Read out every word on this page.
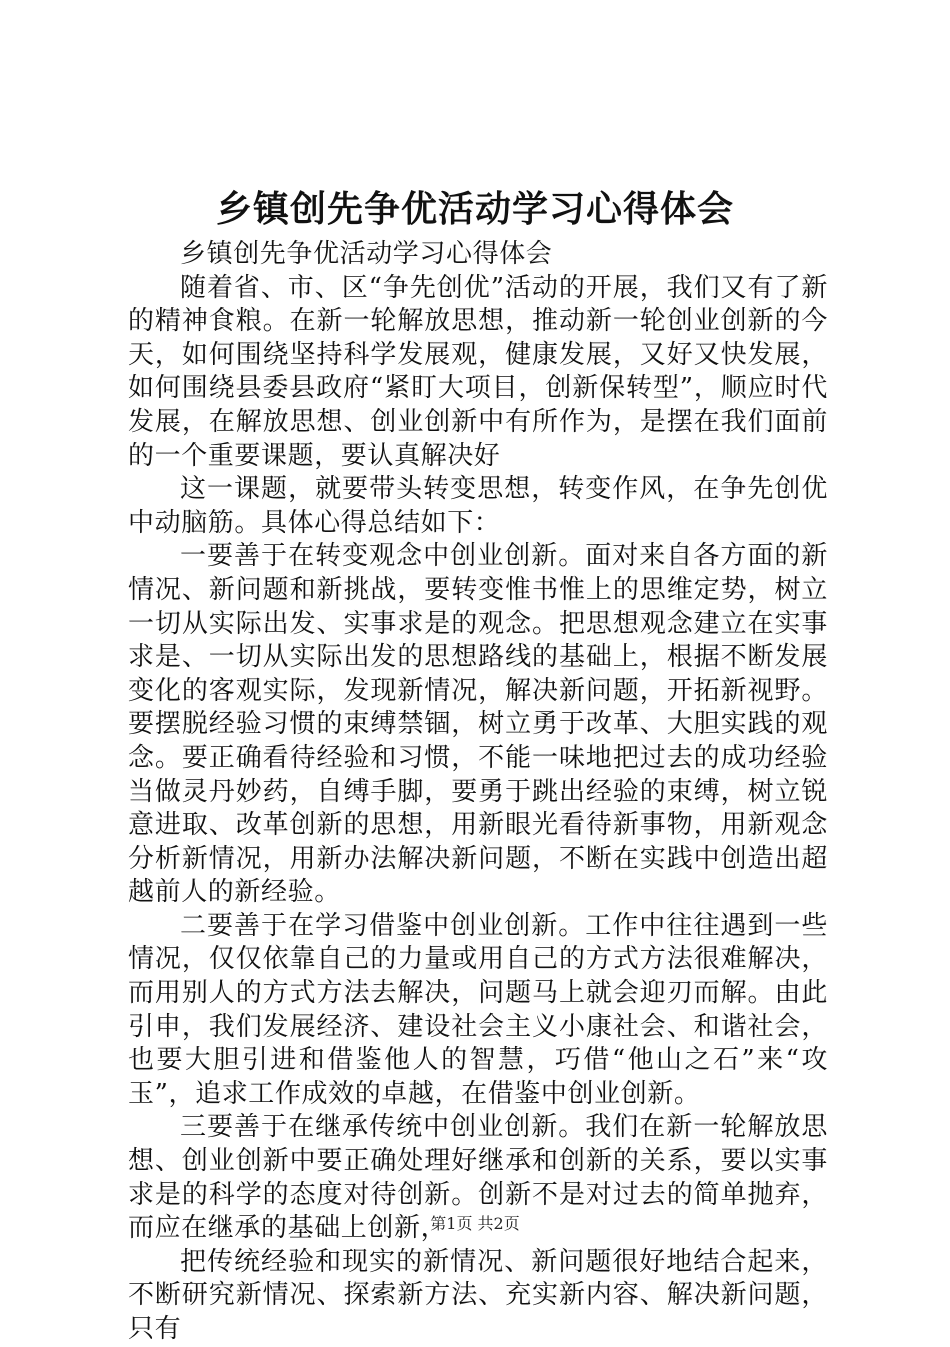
乡镇创先争优活动学习心得体会

乡镇创先争优活动学习心得体会

随着省、市、区“争先创优”活动的开展，我们又有了新的精神食粮。在新一轮解放思想，推动新一轮创业创新的今天，如何围绕坚持科学发展观，健康发展，又好又快发展，如何围绕县委县政府“紧盯大项目，创新保转型”，顺应时代发展，在解放思想、创业创新中有所作为，是摆在我们面前的一个重要课题，要认真解决好

这一课题，就要带头转变思想，转变作风，在争先创优中动脑筋。具体心得总结如下：

一要善于在转变观念中创业创新。面对来自各方面的新情况、新问题和新挑战，要转变惟书惟上的思维定势，树立一切从实际出发、实事求是的观念。把思想观念建立在实事求是、一切从实际出发的思想路线的基础上，根据不断发展变化的客观实际，发现新情况，解决新问题，开拓新视野。要摆脱经验习惯的束缚禁锢，树立勇于改革、大胆实践的观念。要正确看待经验和习惯，不能一味地把过去的成功经验当做灵丹妙药，自缚手脚，要勇于跳出经验的束缚，树立锐意进取、改革创新的思想，用新眼光看待新事物，用新观念分析新情况，用新办法解决新问题，不断在实践中创造出超越前人的新经验。

二要善于在学习借鉴中创业创新。工作中往往遇到一些情况，仅仅依靠自己的力量或用自己的方式方法很难解决，而用别人的方式方法去解决，问题马上就会迎刃而解。由此引申，我们发展经济、建设社会主义小康社会、和谐社会，也要大胆引进和借鉴他人的智慧，巧借“他山之石”来“攻玉”，追求工作成效的卓越，在借鉴中创业创新。

三要善于在继承传统中创业创新。我们在新一轮解放思想、创业创新中要正确处理好继承和创新的关系，要以实事求是的科学的态度对待创新。创新不是对过去的简单抛弃，而应在继承的基础上创新，

把传统经验和现实的新情况、新问题很好地结合起来，不断研究新情况、探索新方法、充实新内容、解决新问题，只有

第1页 共2页
